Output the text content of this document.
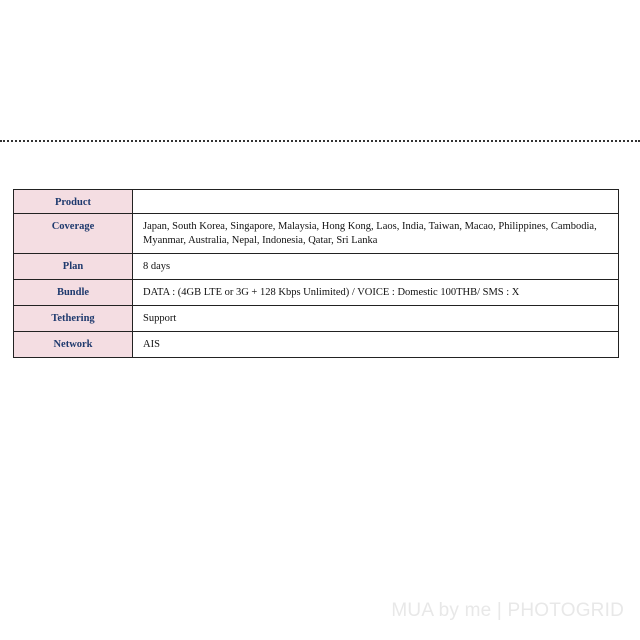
Product	
Coverage	Japan, South Korea, Singapore, Malaysia, Hong Kong, Laos, India, Taiwan, Macao, Philippines, Cambodia, Myanmar, Australia, Nepal, Indonesia, Qatar, Sri Lanka
Plan	8 days
Bundle	DATA : (4GB LTE or 3G + 128 Kbps Unlimited) / VOICE : Domestic 100THB/ SMS : X
Tethering	Support
Network	AIS
MUA by me | PHOTOGRID
